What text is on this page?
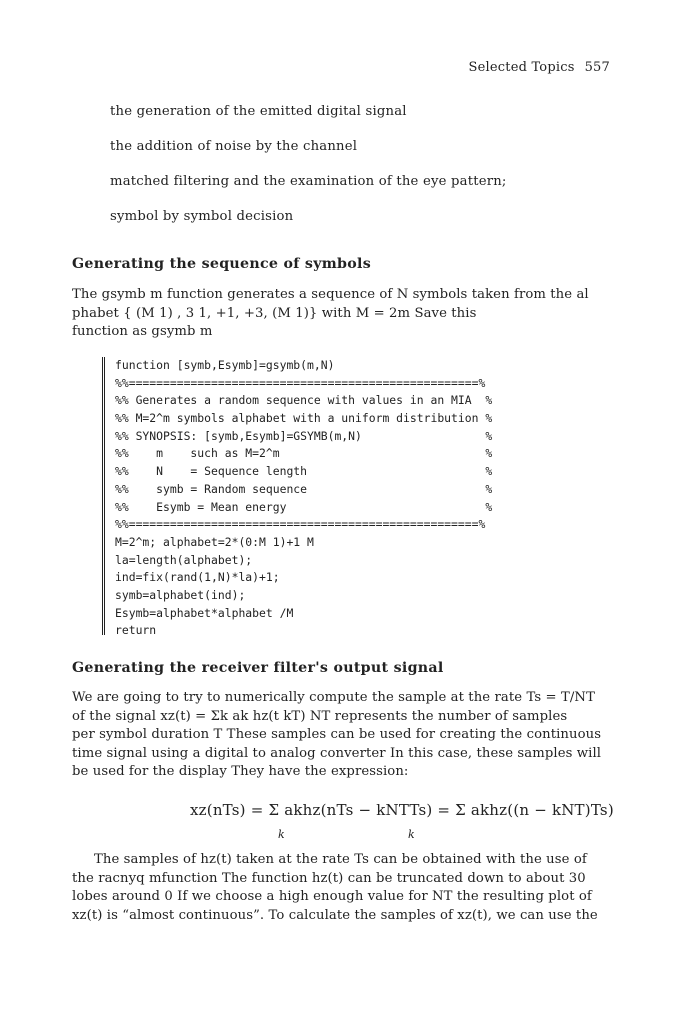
Selected Topics 557
the generation of the emitted digital signal
the addition of noise by the channel
matched filtering and the examination of the eye pattern;
symbol by symbol decision
Generating the sequence of symbols

The gsymb m function generates a sequence of N symbols taken from the al

phabet { (M 1) , 3 1, +1, +3, (M 1)} with M = 2m Save this

function as gsymb m

function [symb,Esymb]=gsymb(m,N)
%%===================================================%
%% Generates a random sequence with values in an MIA  %
%% M=2^m symbols alphabet with a uniform distribution %
%% SYNOPSIS: [symb,Esymb]=GSYMB(m,N)                  %
%%    m    such as M=2^m                              %
%%    N    = Sequence length                          %
%%    symb = Random sequence                          %
%%    Esymb = Mean energy                             %
%%===================================================%
M=2^m; alphabet=2*(0:M 1)+1 M
la=length(alphabet);
ind=fix(rand(1,N)*la)+1;
symb=alphabet(ind);
Esymb=alphabet*alphabet /M
return
Generating the receiver filter's output signal

We are going to try to numerically compute the sample at the rate Ts = T/NT

of the signal xz(t) = Σk ak hz(t kT) NT represents the number of samples

per symbol duration T These samples can be used for creating the continuous

time signal using a digital to analog converter In this case, these samples will

be used for the display They have the expression:

xz(nTs) = Σ akhz(nTs − kNTTs) = Σ akhz((n − kNT)Ts)
k	k

The samples of hz(t) taken at the rate Ts can be obtained with the use of

the racnyq mfunction The function hz(t) can be truncated down to about 30

lobes around 0 If we choose a high enough value for NT the resulting plot of

xz(t) is “almost continuous”. To calculate the samples of xz(t), we can use the
